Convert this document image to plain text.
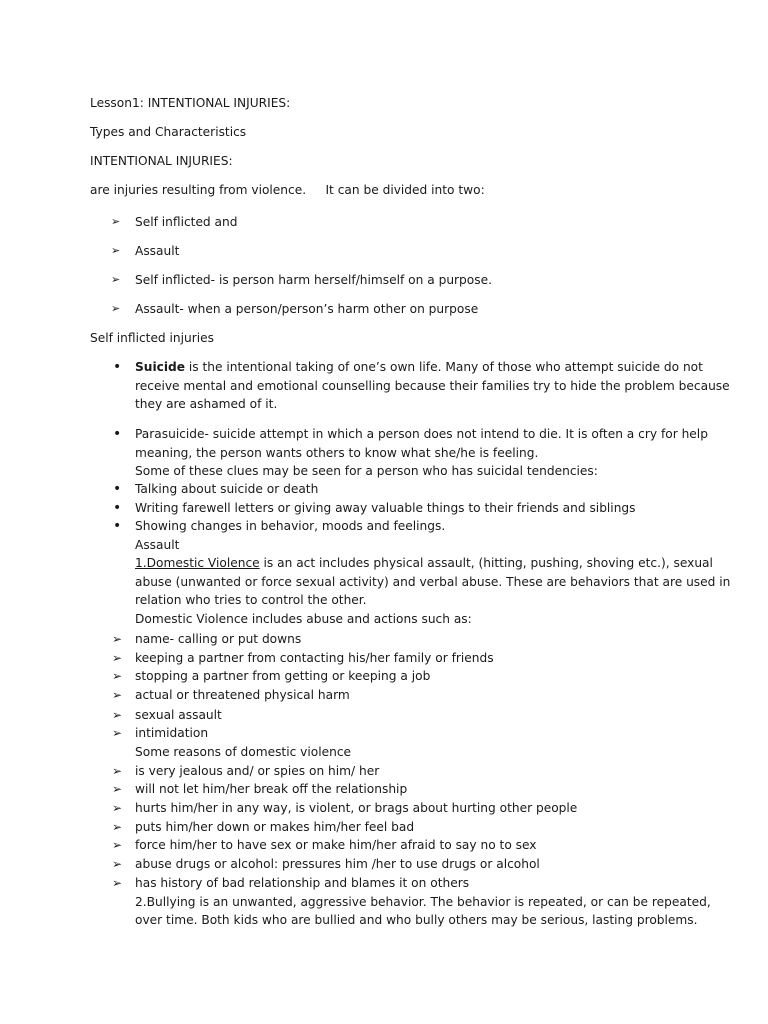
Lesson1: INTENTIONAL INJURIES:
Types and Characteristics
INTENTIONAL INJURIES:
are injuries resulting from violence.     It can be divided into two:
➢	Self inflicted and
➢	Assault
➢	Self inflicted- is person harm herself/himself on a purpose.
➢	Assault- when a person/person’s harm other on purpose
Self inflicted injuries
•	Suicide is the intentional taking of one’s own life. Many of those who attempt suicide do not
receive mental and emotional counselling because their families try to hide the problem because
they are ashamed of it.
•	Parasuicide- suicide attempt in which a person does not intend to die. It is often a cry for help
meaning, the person wants others to know what she/he is feeling.
Some of these clues may be seen for a person who has suicidal tendencies:
•	Talking about suicide or death
•	Writing farewell letters or giving away valuable things to their friends and siblings
•	Showing changes in behavior, moods and feelings.
Assault
1.Domestic Violence is an act includes physical assault, (hitting, pushing, shoving etc.), sexual
abuse (unwanted or force sexual activity) and verbal abuse. These are behaviors that are used in
relation who tries to control the other.
Domestic Violence includes abuse and actions such as:
➢	name- calling or put downs
➢	keeping a partner from contacting his/her family or friends
➢	stopping a partner from getting or keeping a job
➢	actual or threatened physical harm
➢	sexual assault
➢	intimidation
Some reasons of domestic violence
➢	is very jealous and/ or spies on him/ her
➢	will not let him/her break off the relationship
➢	hurts him/her in any way, is violent, or brags about hurting other people
➢	puts him/her down or makes him/her feel bad
➢	force him/her to have sex or make him/her afraid to say no to sex
➢	abuse drugs or alcohol: pressures him /her to use drugs or alcohol
➢	has history of bad relationship and blames it on others
2.Bullying is an unwanted, aggressive behavior. The behavior is repeated, or can be repeated,
over time. Both kids who are bullied and who bully others may be serious, lasting problems.
